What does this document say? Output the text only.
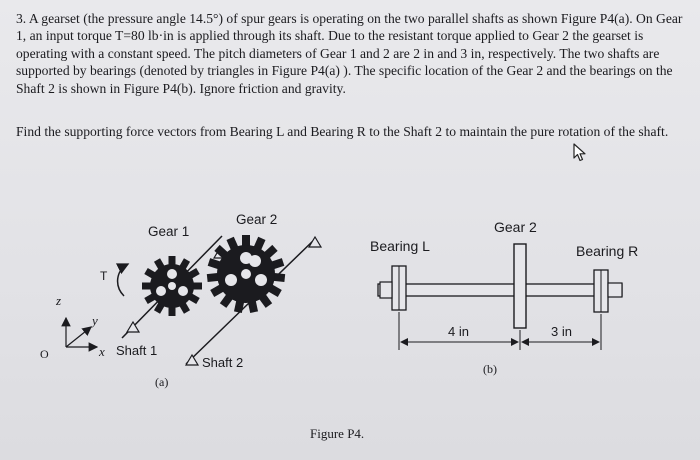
3. A gearset (the pressure angle 14.5°) of spur gears is operating on the two parallel shafts as shown Figure P4(a). On Gear 1, an input torque T=80 lb·in is applied through its shaft. Due to the resistant torque applied to Gear 2 the gearset is operating with a constant speed. The pitch diameters of Gear 1 and 2 are 2 in and 3 in, respectively. The two shafts are supported by bearings (denoted by triangles in Figure P4(a) ). The specific location of the Gear 2 and the bearings on the Shaft 2 is shown in Figure P4(b). Ignore friction and gravity.

Find the supporting force vectors from Bearing L and Bearing R to the Shaft 2 to maintain the pure rotation of the shaft.

Gear 1
Gear 2
T
z
y
x
O	Shaft 1
Shaft 2
(a)
Gear 2
Bearing L	Bearing R
4 in	3 in
(b)
Figure P4.
